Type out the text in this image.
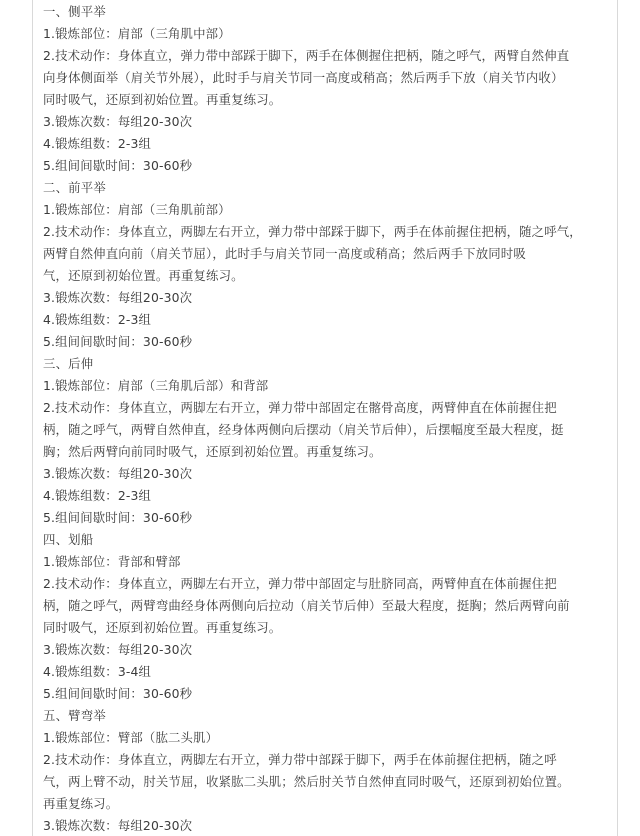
一、侧平举
1.锻炼部位：肩部（三角肌中部）
2.技术动作：身体直立，弹力带中部踩于脚下，两手在体侧握住把柄，随之呼气，两臂自然伸直
向身体侧面举（肩关节外展），此时手与肩关节同一高度或稍高；然后两手下放（肩关节内收）
同时吸气，还原到初始位置。再重复练习。
3.锻炼次数：每组20-30次
4.锻炼组数：2-3组
5.组间间歇时间：30-60秒
二、前平举
1.锻炼部位：肩部（三角肌前部）
2.技术动作：身体直立，两脚左右开立，弹力带中部踩于脚下，两手在体前握住把柄，随之呼气，
两臂自然伸直向前（肩关节屈），此时手与肩关节同一高度或稍高；然后两手下放同时吸
气，还原到初始位置。再重复练习。
3.锻炼次数：每组20-30次
4.锻炼组数：2-3组
5.组间间歇时间：30-60秒
三、后伸
1.锻炼部位：肩部（三角肌后部）和背部
2.技术动作：身体直立，两脚左右开立，弹力带中部固定在髂骨高度，两臂伸直在体前握住把
柄，随之呼气，两臂自然伸直，经身体两侧向后摆动（肩关节后伸），后摆幅度至最大程度，挺
胸；然后两臂向前同时吸气，还原到初始位置。再重复练习。
3.锻炼次数：每组20-30次
4.锻炼组数：2-3组
5.组间间歇时间：30-60秒
四、划船
1.锻炼部位：背部和臂部
2.技术动作：身体直立，两脚左右开立，弹力带中部固定与肚脐同高，两臂伸直在体前握住把
柄，随之呼气，两臂弯曲经身体两侧向后拉动（肩关节后伸）至最大程度，挺胸；然后两臂向前
同时吸气，还原到初始位置。再重复练习。
3.锻炼次数：每组20-30次
4.锻炼组数：3-4组
5.组间间歇时间：30-60秒
五、臂弯举
1.锻炼部位：臂部（肱二头肌）
2.技术动作：身体直立，两脚左右开立，弹力带中部踩于脚下，两手在体前握住把柄，随之呼
气，两上臂不动，肘关节屈，收紧肱二头肌；然后肘关节自然伸直同时吸气，还原到初始位置。
再重复练习。
3.锻炼次数：每组20-30次
